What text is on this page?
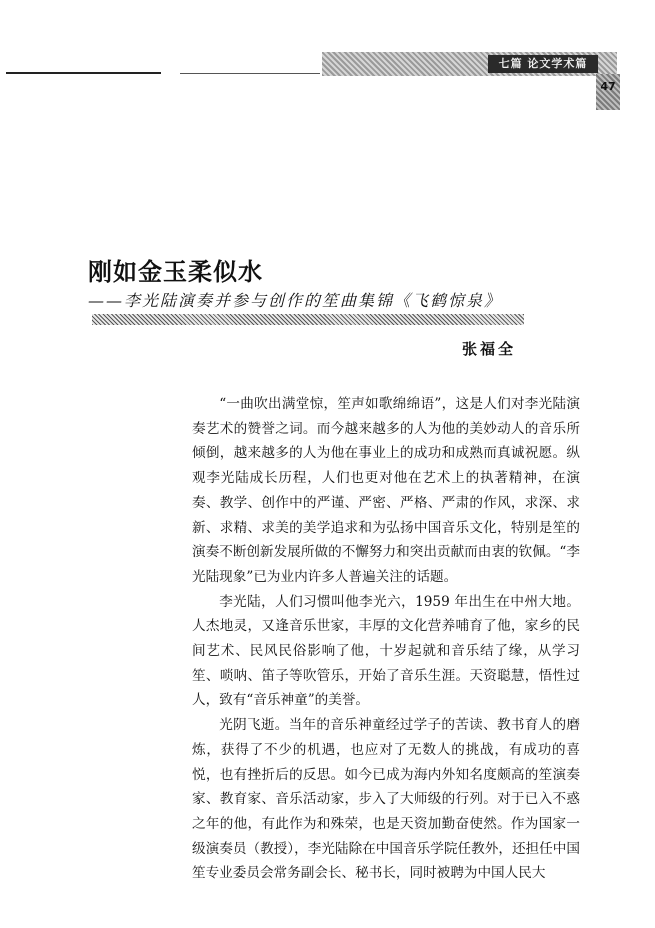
七篇 论文学术篇
47
刚如金玉柔似水
——李光陆演奏并参与创作的笙曲集锦《飞鹤惊泉》
张福全

“一曲吹出满堂惊，笙声如歌绵绵语”，这是人们对李光陆演奏艺术的赞誉之词。而今越来越多的人为他的美妙动人的音乐所倾倒，越来越多的人为他在事业上的成功和成熟而真诚祝愿。纵观李光陆成长历程，人们也更对他在艺术上的执著精神，在演奏、教学、创作中的严谨、严密、严格、严肃的作风，求深、求新、求精、求美的美学追求和为弘扬中国音乐文化，特别是笙的演奏不断创新发展所做的不懈努力和突出贡献而由衷的钦佩。“李光陆现象”已为业内许多人普遍关注的话题。

李光陆，人们习惯叫他李光六，1959 年出生在中州大地。人杰地灵，又逢音乐世家，丰厚的文化营养哺育了他，家乡的民间艺术、民风民俗影响了他，十岁起就和音乐结了缘，从学习笙、唢呐、笛子等吹管乐，开始了音乐生涯。天资聪慧，悟性过人，致有“音乐神童”的美誉。

光阴飞逝。当年的音乐神童经过学子的苦读、教书育人的磨炼，获得了不少的机遇，也应对了无数人的挑战，有成功的喜悦，也有挫折后的反思。如今已成为海内外知名度颇高的笙演奏家、教育家、音乐活动家，步入了大师级的行列。对于已入不惑之年的他，有此作为和殊荣，也是天资加勤奋使然。作为国家一级演奏员（教授），李光陆除在中国音乐学院任教外，还担任中国笙专业委员会常务副会长、秘书长，同时被聘为中国人民大
